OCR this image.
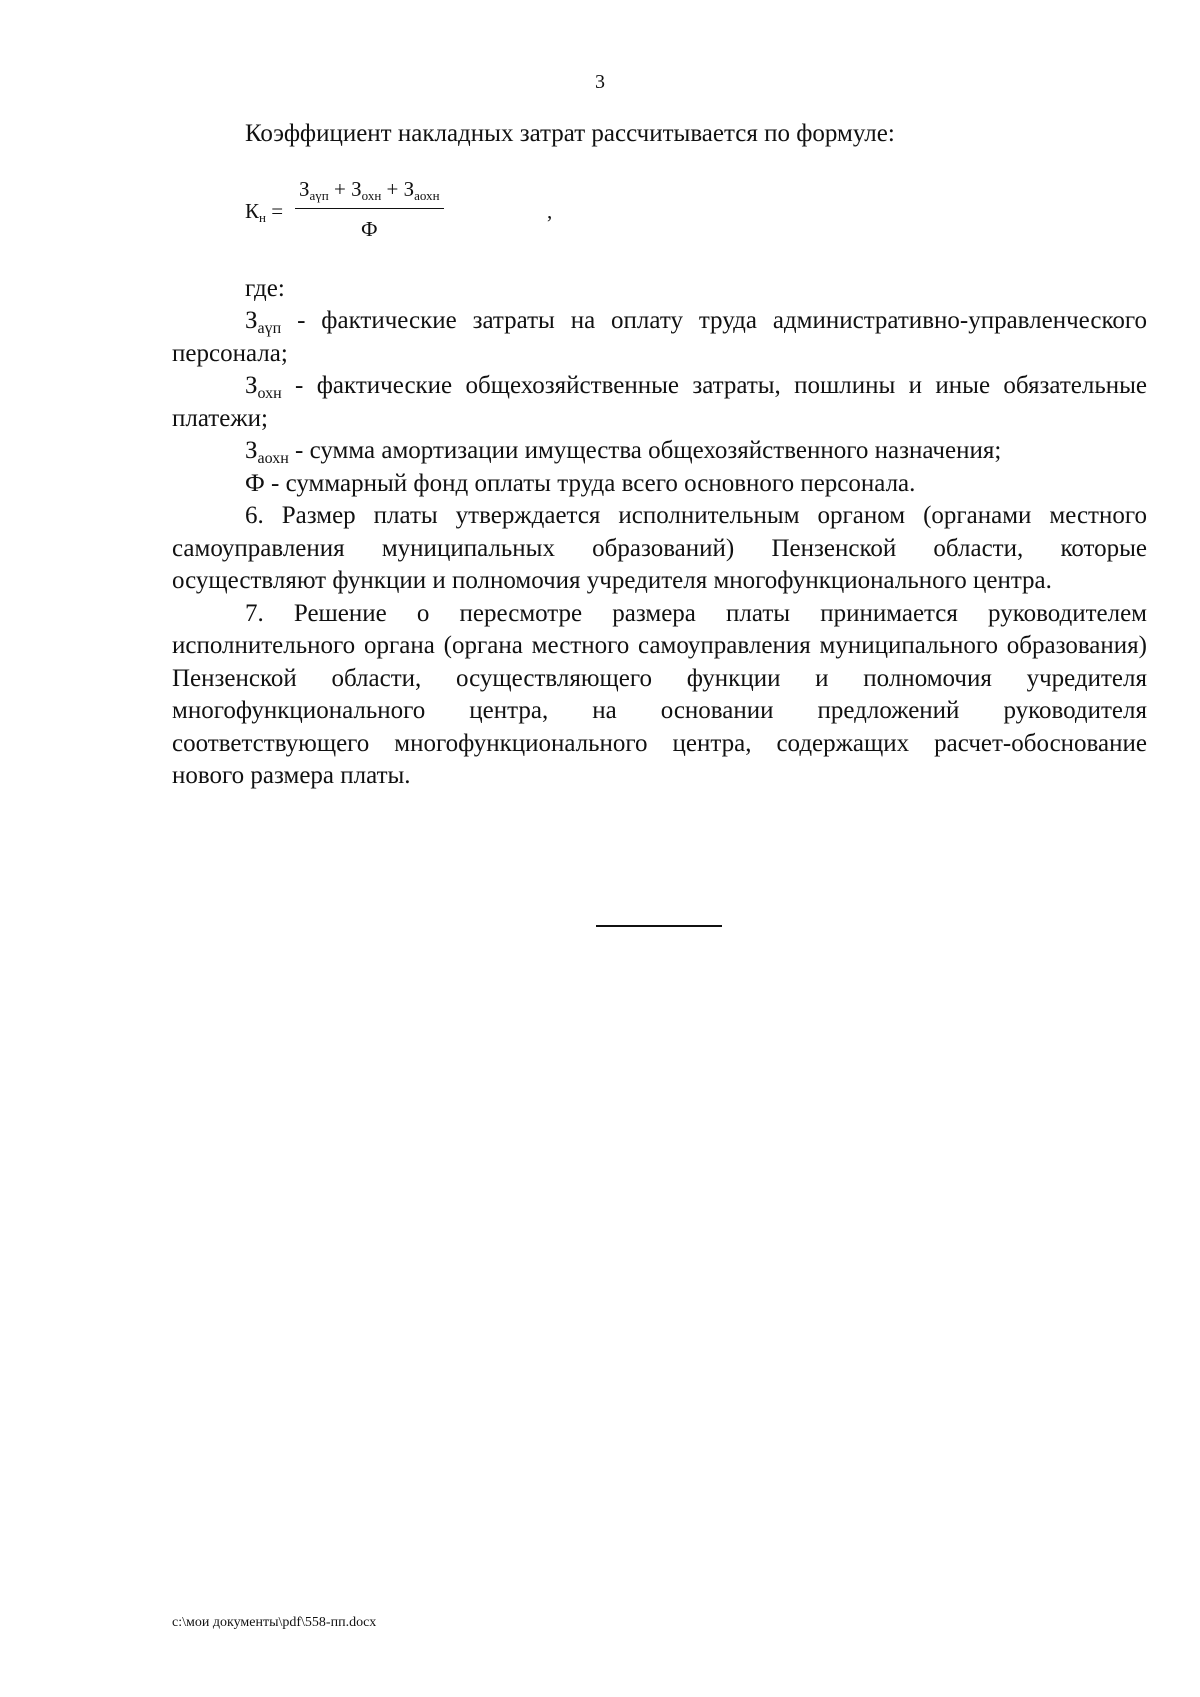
3

Коэффициент накладных затрат рассчитывается по формуле:

$К_н$ =
$З_{аүп} + З_{охн} + З_{аохн}$
Ф
,

где:

$З_{аүп}$ - фактические затраты на оплату труда административно-управленческого персонала;

$З_{охн}$ - фактические общехозяйственные затраты, пошлины и иные обязательные платежи;

$З_{аохн}$ - сумма амортизации имущества общехозяйственного назначения;

Ф - суммарный фонд оплаты труда всего основного персонала.

6. Размер платы утверждается исполнительным органом (органами местного самоуправления муниципальных образований) Пензенской области, которые осуществляют функции и полномочия учредителя многофункционального центра.

7. Решение о пересмотре размера платы принимается руководителем исполнительного органа (органа местного самоуправления муниципального образования) Пензенской области, осуществляющего функции и полномочия учредителя многофункционального центра, на основании предложений руководителя соответствующего многофункционального центра, содержащих расчет-обоснование нового размера платы.

c:\мои документы\pdf\558-пп.docx
